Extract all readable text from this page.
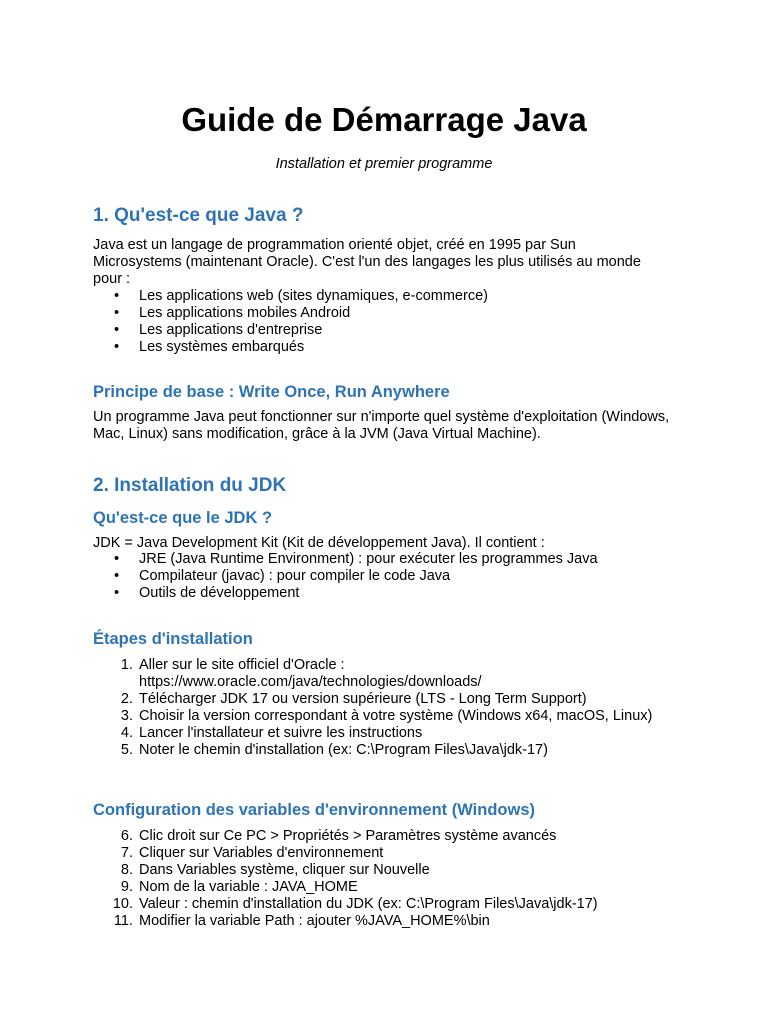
Guide de Démarrage Java

Installation et premier programme

1. Qu'est-ce que Java ?

Java est un langage de programmation orienté objet, créé en 1995 par Sun Microsystems (maintenant Oracle). C'est l'un des langages les plus utilisés au monde pour :

• Les applications web (sites dynamiques, e-commerce)
• Les applications mobiles Android
• Les applications d'entreprise
• Les systèmes embarqués
Principe de base : Write Once, Run Anywhere

Un programme Java peut fonctionner sur n'importe quel système d'exploitation (Windows, Mac, Linux) sans modification, grâce à la JVM (Java Virtual Machine).

2. Installation du JDK
Qu'est-ce que le JDK ?

JDK = Java Development Kit (Kit de développement Java). Il contient :

• JRE (Java Runtime Environment) : pour exécuter les programmes Java
• Compilateur (javac) : pour compiler le code Java
• Outils de développement
Étapes d'installation
1. Aller sur le site officiel d'Oracle : https://www.oracle.com/java/technologies/downloads/
2. Télécharger JDK 17 ou version supérieure (LTS - Long Term Support)
3. Choisir la version correspondant à votre système (Windows x64, macOS, Linux)
4. Lancer l'installateur et suivre les instructions
5. Noter le chemin d'installation (ex: C:\Program Files\Java\jdk-17)
Configuration des variables d'environnement (Windows)
6. Clic droit sur Ce PC > Propriétés > Paramètres système avancés
7. Cliquer sur Variables d'environnement
8. Dans Variables système, cliquer sur Nouvelle
9. Nom de la variable : JAVA_HOME
10. Valeur : chemin d'installation du JDK (ex: C:\Program Files\Java\jdk-17)
11. Modifier la variable Path : ajouter %JAVA_HOME%\bin
